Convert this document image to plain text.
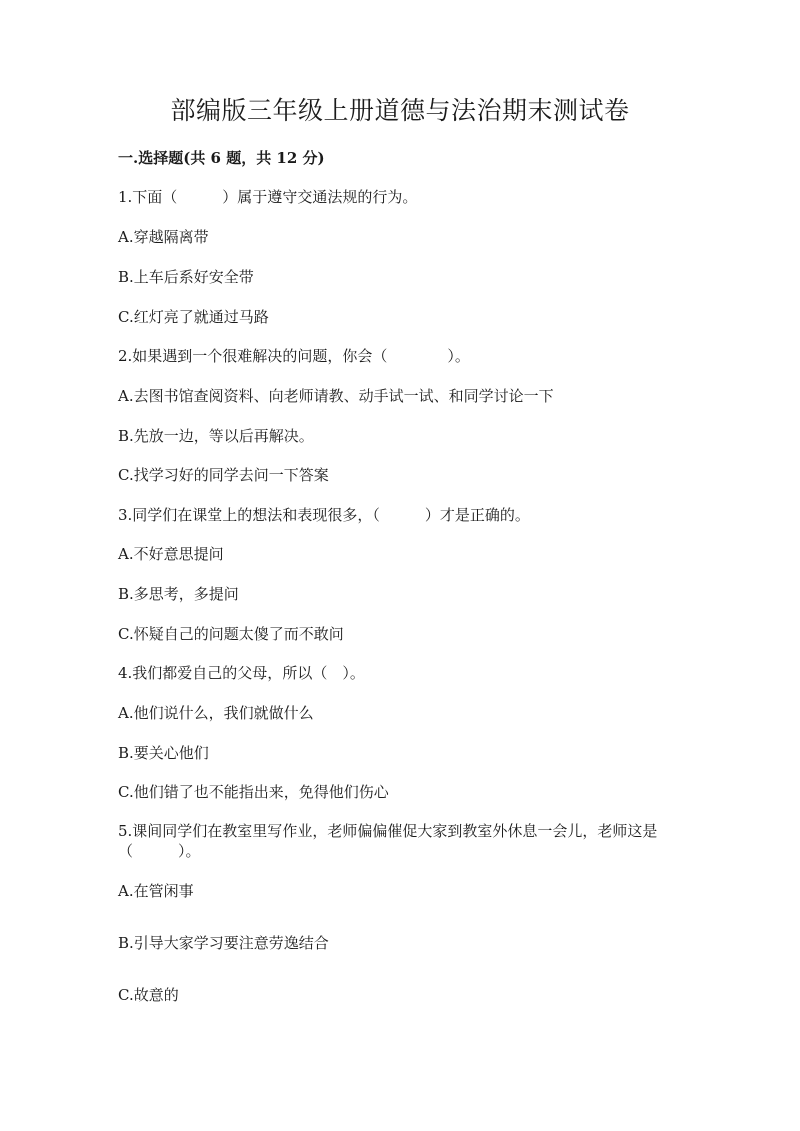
部编版三年级上册道德与法治期末测试卷
一.选择题(共 6 题，共 12 分)
1.下面（　　　）属于遵守交通法规的行为。
A.穿越隔离带
B.上车后系好安全带
C.红灯亮了就通过马路
2.如果遇到一个很难解决的问题，你会（　　　　）。
A.去图书馆查阅资料、向老师请教、动手试一试、和同学讨论一下
B.先放一边，等以后再解决。
C.找学习好的同学去问一下答案
3.同学们在课堂上的想法和表现很多，（　　　）才是正确的。
A.不好意思提问
B.多思考，多提问
C.怀疑自己的问题太傻了而不敢问
4.我们都爱自己的父母，所以（　）。
A.他们说什么，我们就做什么
B.要关心他们
C.他们错了也不能指出来，免得他们伤心
5.课间同学们在教室里写作业，老师偏偏催促大家到教室外休息一会儿，老师这是（　　　）。
A.在管闲事
B.引导大家学习要注意劳逸结合
C.故意的
